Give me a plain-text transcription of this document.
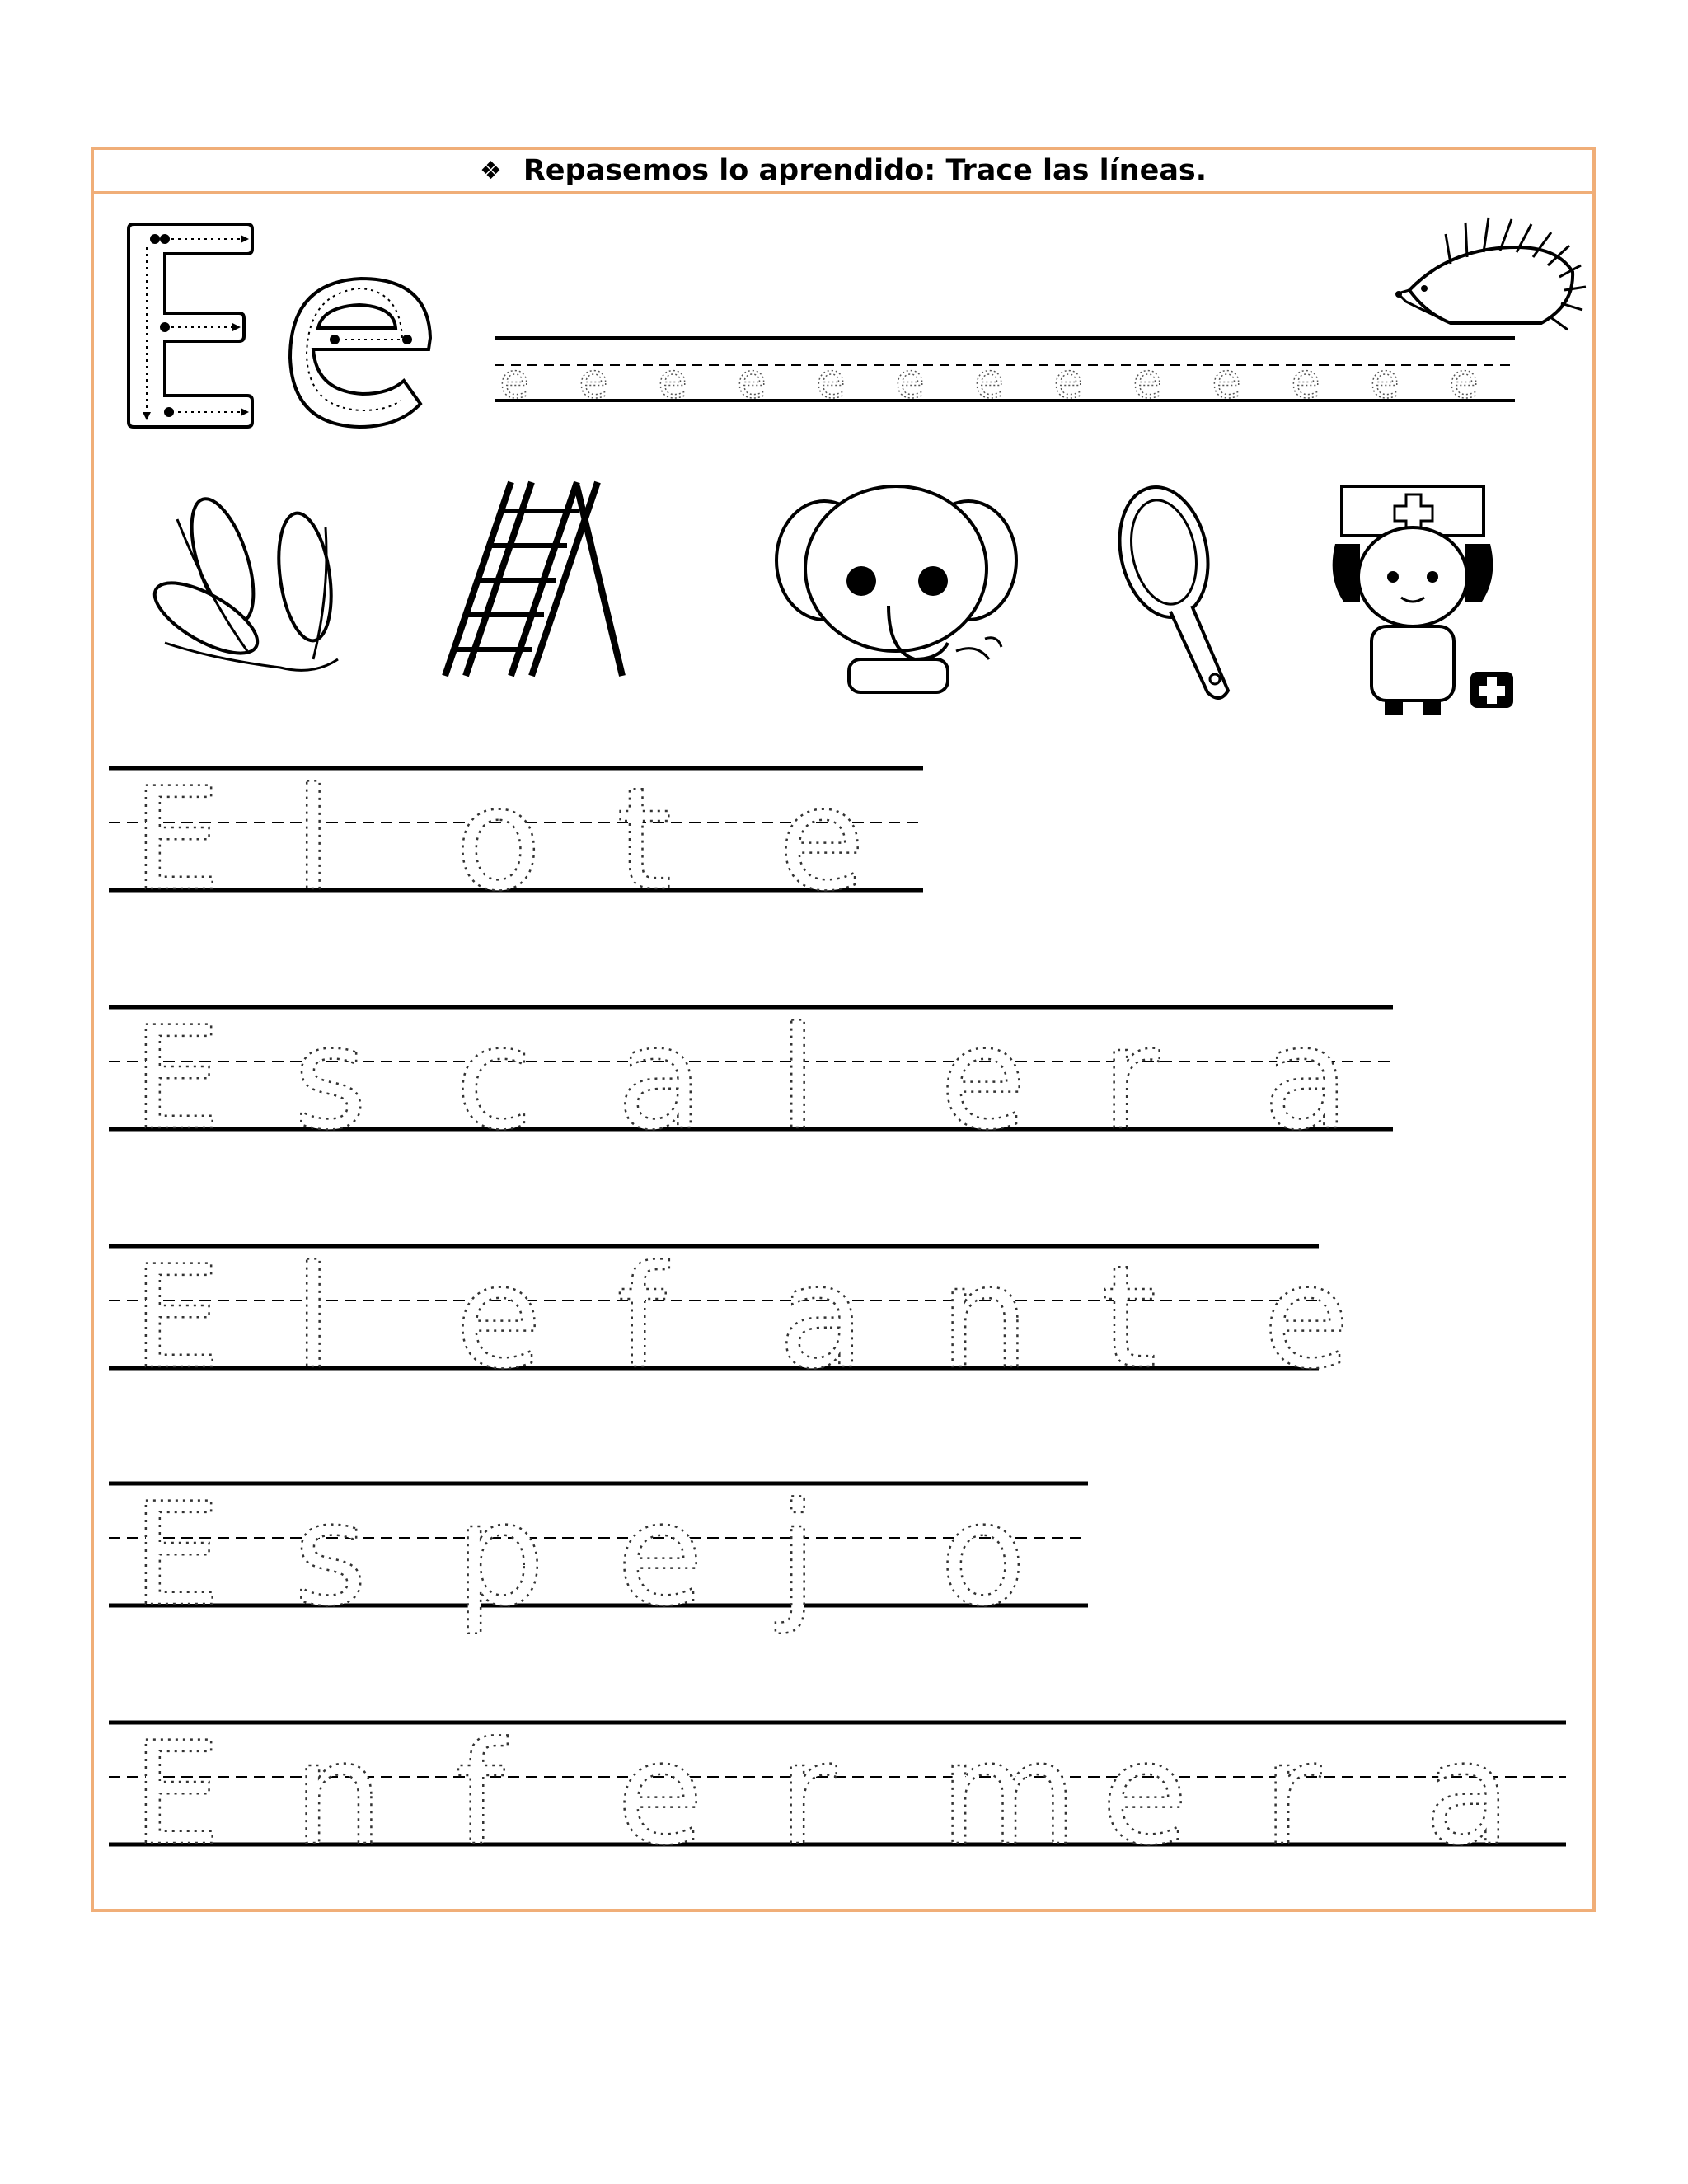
❖ Repasemos lo aprendido: Trace las líneas.
e e e e e e e e e e e e e
E l o t e
E s c a l e r a
E l e f a n t e
E s p e j o
E n f e r m e r a
